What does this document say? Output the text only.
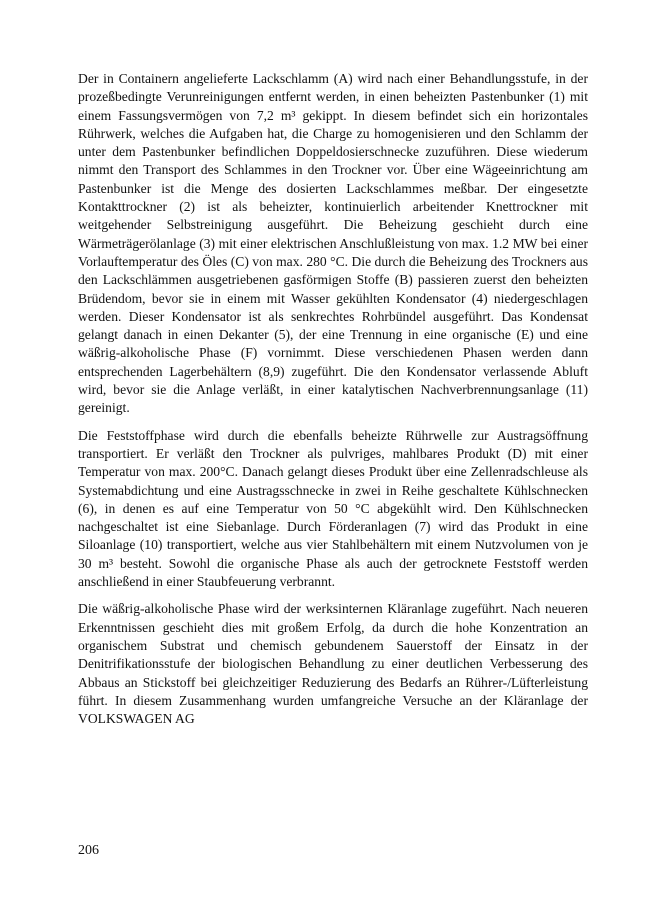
Der in Containern angelieferte Lackschlamm (A) wird nach einer Behandlungsstufe, in der prozeßbedingte Verunreinigungen entfernt werden, in einen beheizten Pastenbunker (1) mit einem Fassungsvermögen von 7,2 m³ gekippt. In diesem befindet sich ein horizontales Rührwerk, welches die Aufgaben hat, die Charge zu homogenisieren und den Schlamm der unter dem Pastenbunker befindlichen Doppeldosierschnecke zuzuführen. Diese wiederum nimmt den Transport des Schlammes in den Trockner vor. Über eine Wägeeinrichtung am Pastenbunker ist die Menge des dosierten Lackschlammes meßbar. Der eingesetzte Kontakttrockner (2) ist als beheizter, kontinuierlich arbeitender Knettrockner mit weitgehender Selbstreinigung ausgeführt. Die Beheizung geschieht durch eine Wärmeträgerölanlage (3) mit einer elektrischen Anschlußleistung von max. 1.2 MW bei einer Vorlauftemperatur des Öles (C) von max. 280 °C. Die durch die Beheizung des Trockners aus den Lackschlämmen ausgetriebenen gasförmigen Stoffe (B) passieren zuerst den beheizten Brüdendom, bevor sie in einem mit Wasser gekühlten Kondensator (4) niedergeschlagen werden. Dieser Kondensator ist als senkrechtes Rohrbündel ausgeführt. Das Kondensat gelangt danach in einen Dekanter (5), der eine Trennung in eine organische (E) und eine wäßrig-alkoholische Phase (F) vornimmt. Diese verschiedenen Phasen werden dann entsprechenden Lagerbehältern (8,9) zugeführt. Die den Kondensator verlassende Abluft wird, bevor sie die Anlage verläßt, in einer katalytischen Nachverbrennungsanlage (11) gereinigt.

Die Feststoffphase wird durch die ebenfalls beheizte Rührwelle zur Austragsöffnung transportiert. Er verläßt den Trockner als pulvriges, mahlbares Produkt (D) mit einer Temperatur von max. 200°C. Danach gelangt dieses Produkt über eine Zellenradschleuse als Systemabdichtung und eine Austragsschnecke in zwei in Reihe geschaltete Kühlschnecken (6), in denen es auf eine Temperatur von 50 °C abgekühlt wird. Den Kühlschnecken nachgeschaltet ist eine Siebanlage. Durch Förderanlagen (7) wird das Produkt in eine Siloanlage (10) transportiert, welche aus vier Stahlbehältern mit einem Nutzvolumen von je 30 m³ besteht. Sowohl die organische Phase als auch der getrocknete Feststoff werden anschließend in einer Staubfeuerung verbrannt.

Die wäßrig-alkoholische Phase wird der werksinternen Kläranlage zugeführt. Nach neueren Erkenntnissen geschieht dies mit großem Erfolg, da durch die hohe Konzentration an organischem Substrat und chemisch gebundenem Sauerstoff der Einsatz in der Denitrifikationsstufe der biologischen Behandlung zu einer deutlichen Verbesserung des Abbaus an Stickstoff bei gleichzeitiger Reduzierung des Bedarfs an Rührer-/Lüfterleistung führt. In diesem Zusammenhang wurden umfangreiche Versuche an der Kläranlage der VOLKSWAGEN AG

206
